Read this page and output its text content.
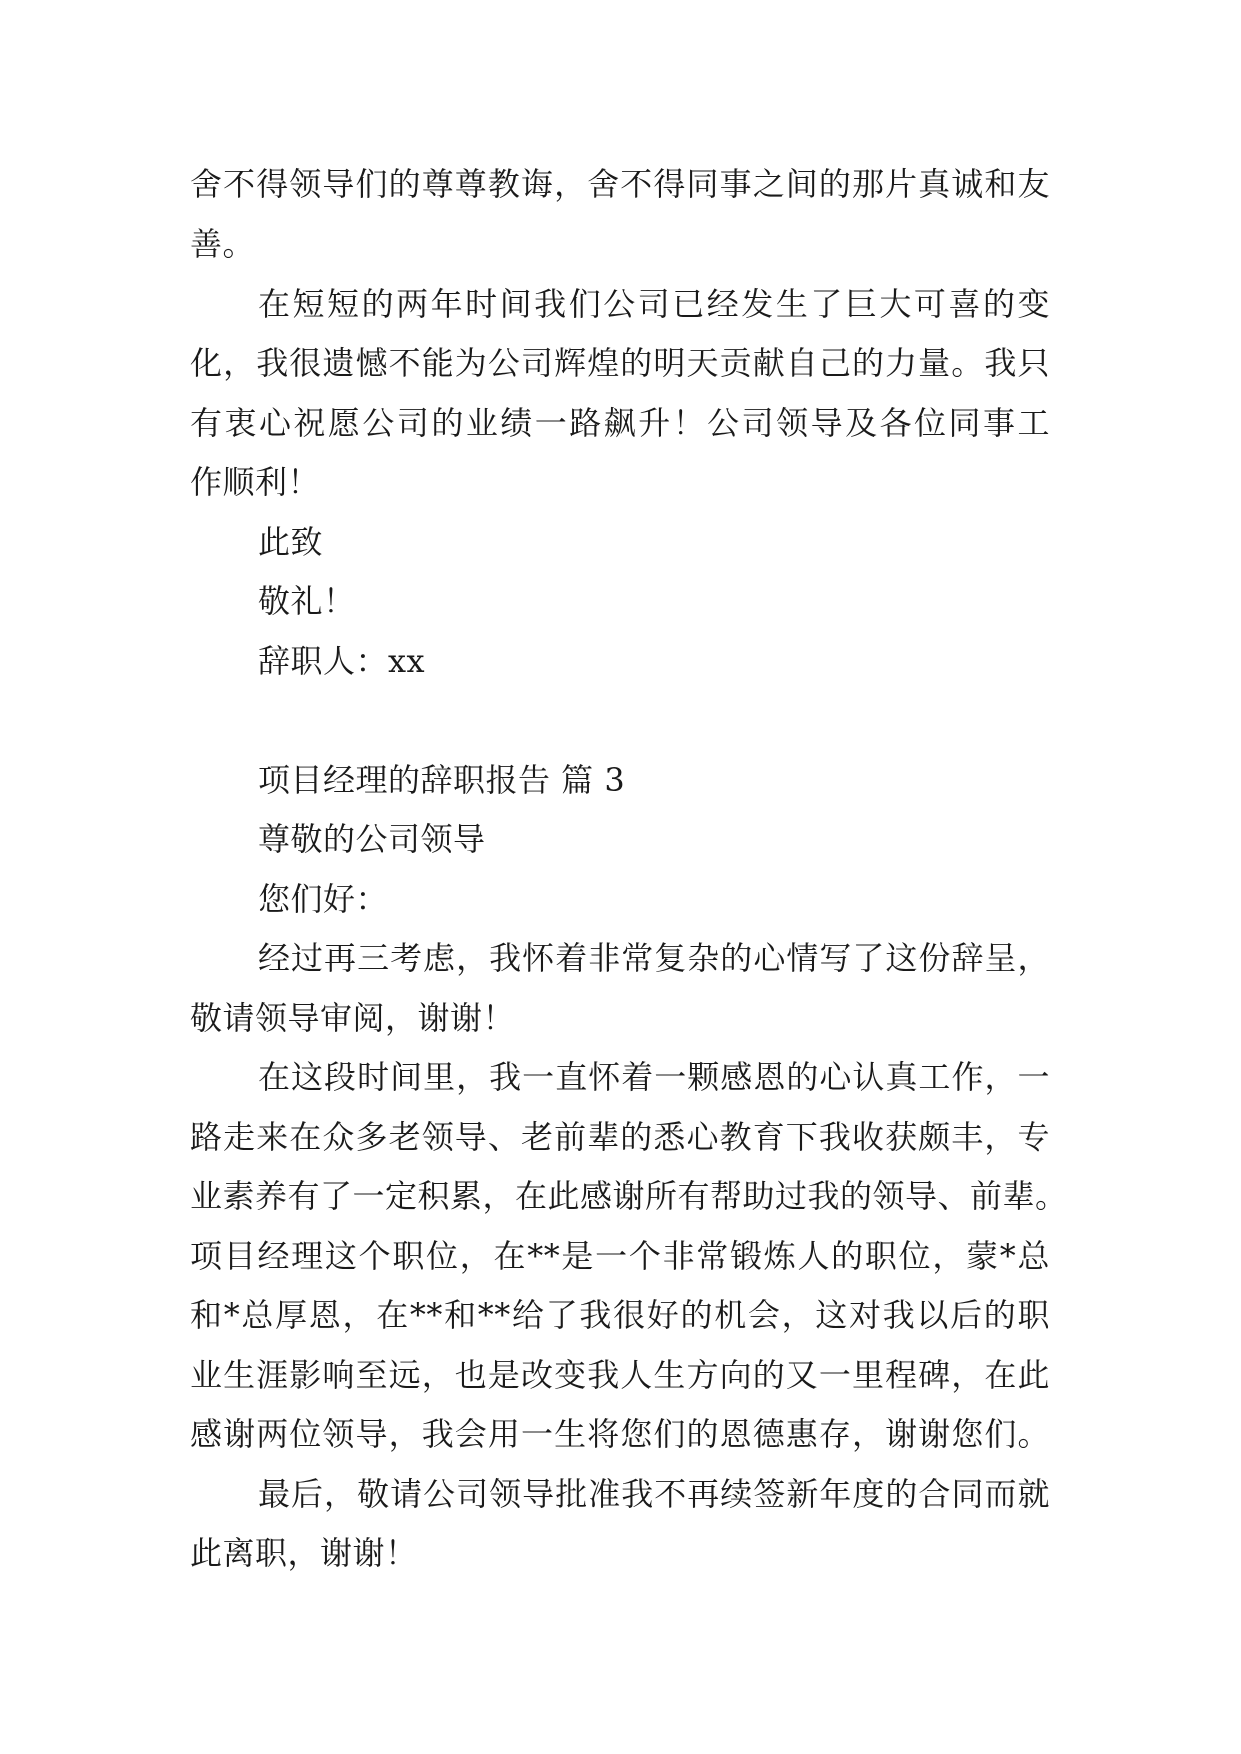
舍不得领导们的尊尊教诲，舍不得同事之间的那片真诚和友
善。
在短短的两年时间我们公司已经发生了巨大可喜的变
化，我很遗憾不能为公司辉煌的明天贡献自己的力量。我只
有衷心祝愿公司的业绩一路飙升！公司领导及各位同事工
作顺利！
此致
敬礼！
辞职人：xx
项目经理的辞职报告 篇 3
尊敬的公司领导
您们好：
经过再三考虑，我怀着非常复杂的心情写了这份辞呈，
敬请领导审阅，谢谢！
在这段时间里，我一直怀着一颗感恩的心认真工作，一
路走来在众多老领导、老前辈的悉心教育下我收获颇丰，专
业素养有了一定积累，在此感谢所有帮助过我的领导、前辈。
项目经理这个职位，在**是一个非常锻炼人的职位，蒙*总
和*总厚恩，在**和**给了我很好的机会，这对我以后的职
业生涯影响至远，也是改变我人生方向的又一里程碑，在此
感谢两位领导，我会用一生将您们的恩德惠存，谢谢您们。
最后，敬请公司领导批准我不再续签新年度的合同而就
此离职，谢谢！
